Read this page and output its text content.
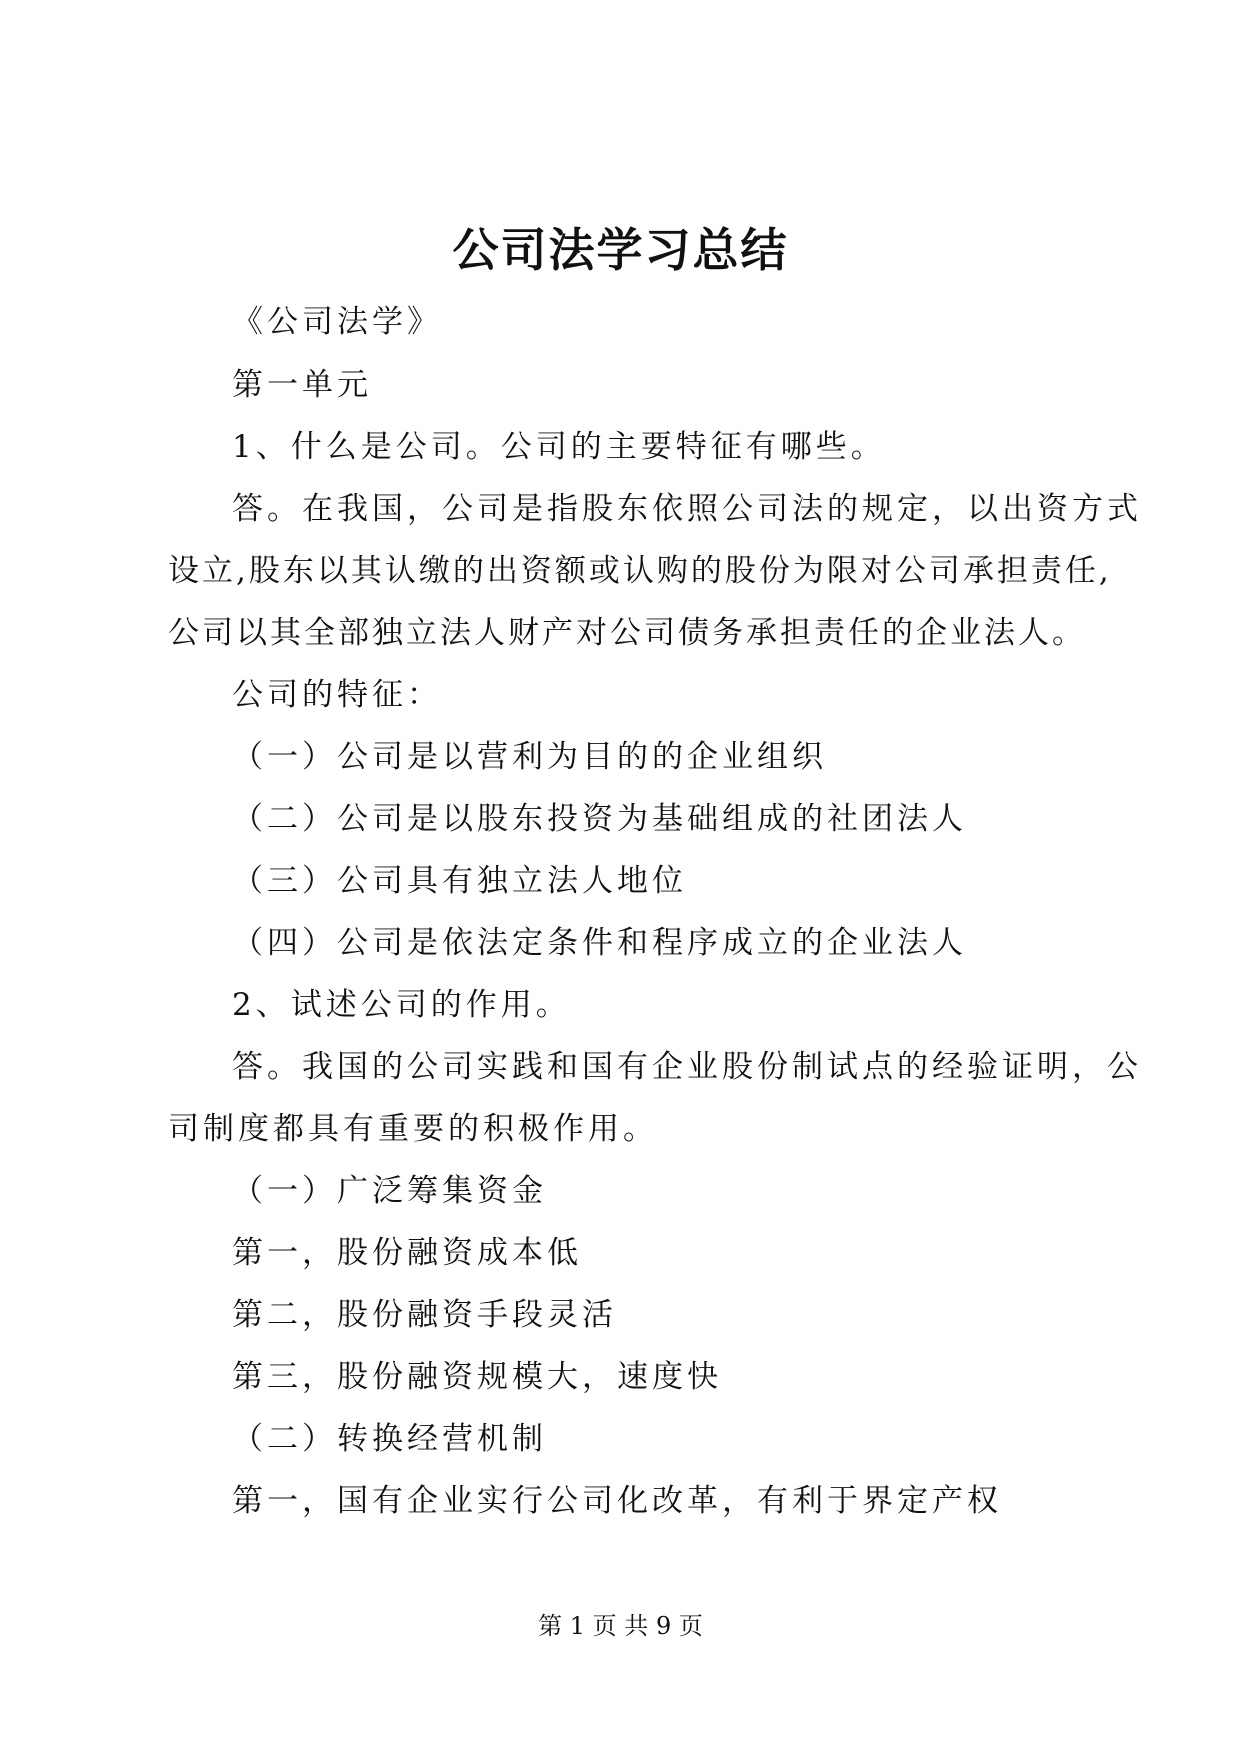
公司法学习总结
《公司法学》
第一单元
1、什么是公司。公司的主要特征有哪些。
答。在我国，公司是指股东依照公司法的规定，以出资方式
设立,股东以其认缴的出资额或认购的股份为限对公司承担责任,
公司以其全部独立法人财产对公司债务承担责任的企业法人。
公司的特征：
（一）公司是以营利为目的的企业组织
（二）公司是以股东投资为基础组成的社团法人
（三）公司具有独立法人地位
（四）公司是依法定条件和程序成立的企业法人
2、试述公司的作用。
答。我国的公司实践和国有企业股份制试点的经验证明，公
司制度都具有重要的积极作用。
（一）广泛筹集资金
第一，股份融资成本低
第二，股份融资手段灵活
第三，股份融资规模大，速度快
（二）转换经营机制
第一，国有企业实行公司化改革，有利于界定产权
第 1 页 共 9 页
